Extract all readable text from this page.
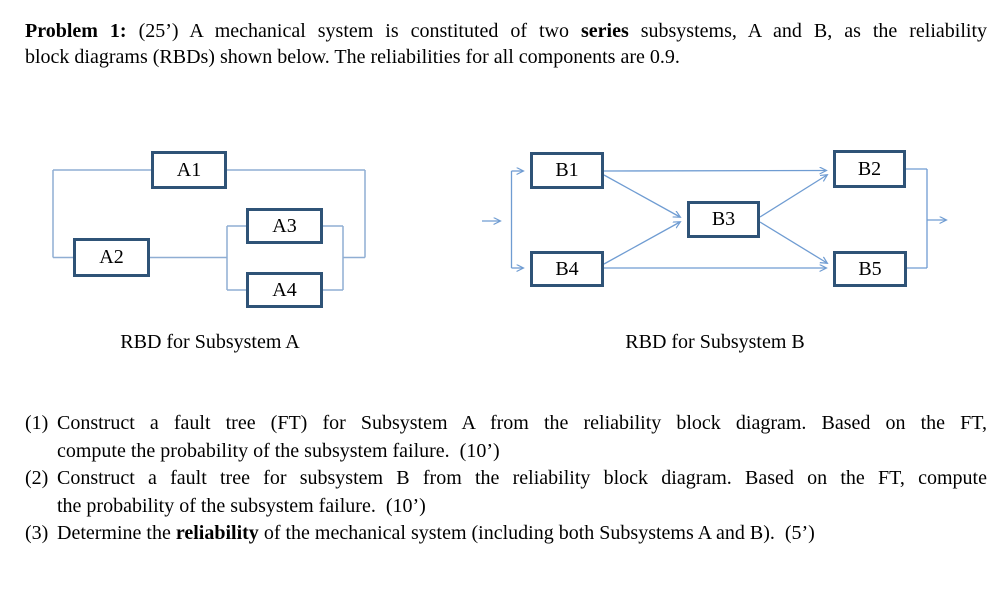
Problem 1: (25’) A mechanical system is constituted of two series subsystems, A and B, as the reliability
block diagrams (RBDs) shown below. The reliabilities for all components are 0.9.
A1
A2
A3
A4
B1	B2
B3
B4	B5
RBD for Subsystem A	RBD for Subsystem B
(1) Construct a fault tree (FT) for Subsystem A from the reliability block diagram. Based on the FT,
compute the probability of the subsystem failure.  (10’)
(2) Construct a fault tree for subsystem B from the reliability block diagram. Based on the FT, compute
the probability of the subsystem failure.  (10’)
(3) Determine the reliability of the mechanical system (including both Subsystems A and B).  (5’)
